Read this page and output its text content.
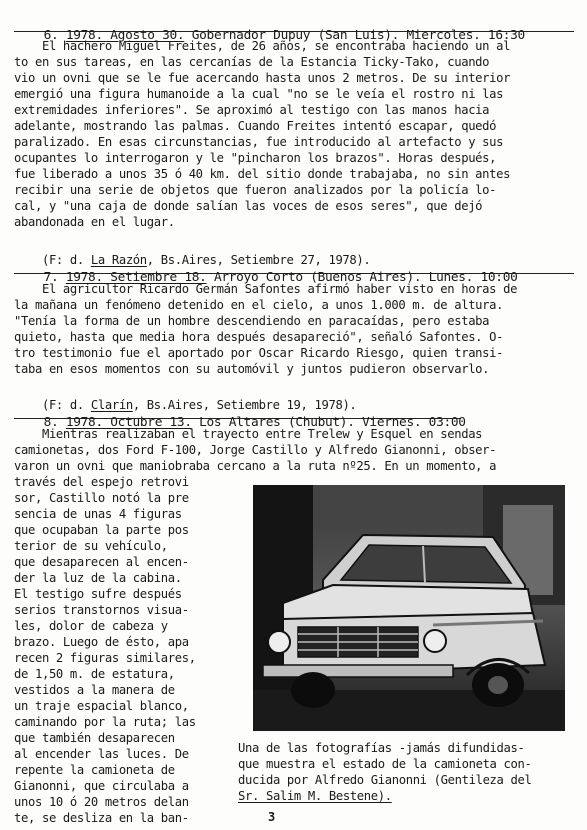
6. 1978. Agosto 30. Gobernador Dupuy (San Luis). Miercoles. 16:30

El hachero Miguel Freites, de 26 años, se encontraba haciendo un al
to en sus tareas, en las cercanías de la Estancia Ticky-Tako, cuando
vio un ovni que se le fue acercando hasta unos 2 metros. De su interior
emergió una figura humanoide a la cual "no se le veía el rostro ni las
extremidades inferiores". Se aproximó al testigo con las manos hacia
adelante, mostrando las palmas. Cuando Freites intentó escapar, quedó
paralizado. En esas circunstancias, fue introducido al artefacto y sus
ocupantes lo interrogaron y le "pincharon los brazos". Horas después,
fue liberado a unos 35 ó 40 km. del sitio donde trabajaba, no sin antes
recibir una serie de objetos que fueron analizados por la policía lo-
cal, y "una caja de donde salían las voces de esos seres", que dejó
abandonada en el lugar.

(F: d. La Razón, Bs.Aires, Setiembre 27, 1978).

7. 1978. Setiembre 18. Arroyo Corto (Buenos Aires). Lunes. 10:00

El agricultor Ricardo Germán Safontes afirmó haber visto en horas de
la mañana un fenómeno detenido en el cielo, a unos 1.000 m. de altura.
"Tenía la forma de un hombre descendiendo en paracaídas, pero estaba
quieto, hasta que media hora después desapareció", señaló Safontes. O-
tro testimonio fue el aportado por Oscar Ricardo Riesgo, quien transi-
taba en esos momentos con su automóvil y juntos pudieron observarlo.

(F: d. Clarín, Bs.Aires, Setiembre 19, 1978).

8. 1978. Octubre 13. Los Altares (Chubut). Viernes. 03:00

Mientras realizaban el trayecto entre Trelew y Esquel en sendas
camionetas, dos Ford F-100, Jorge Castillo y Alfredo Gianonni, obser-
varon un ovni que maniobraba cercano a la ruta nº25. En un momento, a
través del espejo retrovi
sor, Castillo notó la pre
sencia de unas 4 figuras
que ocupaban la parte pos
terior de su vehículo,
que desaparecen al encen-
der la luz de la cabina.
El testigo sufre después
serios transtornos visua-
les, dolor de cabeza y
brazo. Luego de ésto, apa
recen 2 figuras similares,
de 1,50 m. de estatura,
vestidos a la manera de
un traje espacial blanco,
caminando por la ruta; las
que también desaparecen
al encender las luces. De
repente la camioneta de
Gianonni, que circulaba a
unos 10 ó 20 metros delan
te, se desliza en la ban-
Una de las fotografías -jamás difundidas-
que muestra el estado de la camioneta con-
ducida por Alfredo Gianonni (Gentileza del
Sr. Salim M. Bestene).
3
